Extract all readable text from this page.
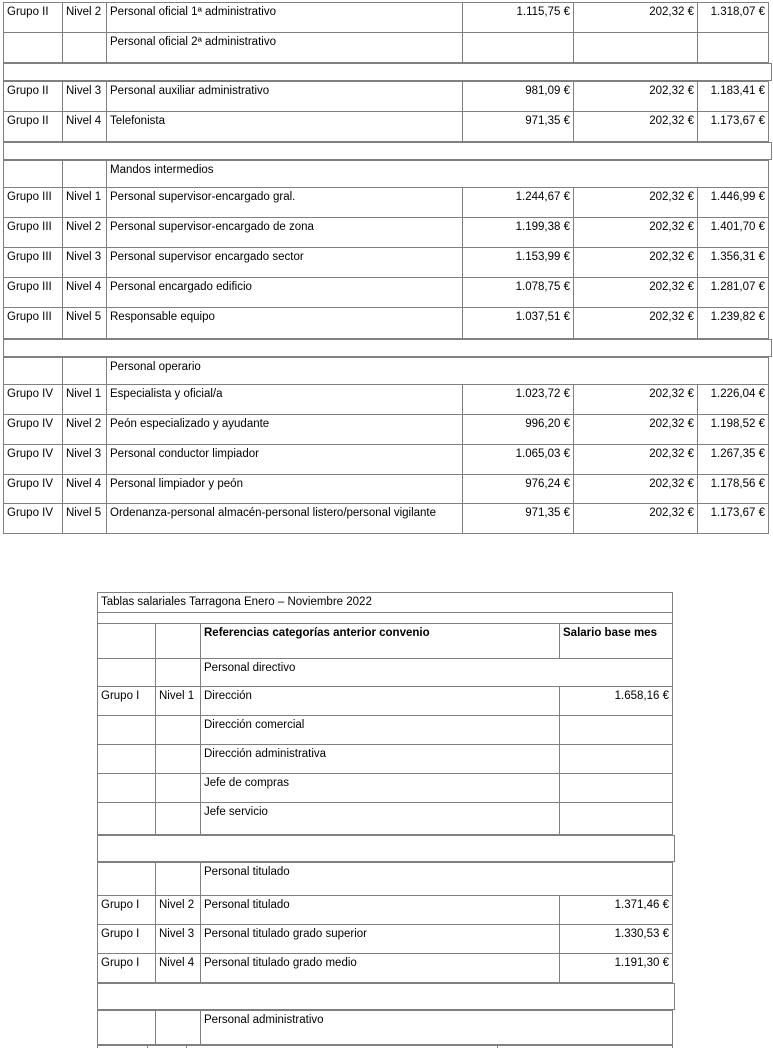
Grupo II	Nivel 2	Personal oficial 1ª administrativo	1.115,75 €	202,32 €	1.318,07 €
		Personal oficial 2ª administrativo			
Grupo II	Nivel 3	Personal auxiliar administrativo	981,09 €	202,32 €	1.183,41 €
Grupo II	Nivel 4	Telefonista	971,35 €	202,32 €	1.173,67 €
		Mandos intermedios			
Grupo III	Nivel 1	Personal supervisor-encargado gral.	1.244,67 €	202,32 €	1.446,99 €
Grupo III	Nivel 2	Personal supervisor-encargado de zona	1.199,38 €	202,32 €	1.401,70 €
Grupo III	Nivel 3	Personal supervisor encargado sector	1.153,99 €	202,32 €	1.356,31 €
Grupo III	Nivel 4	Personal encargado edificio	1.078,75 €	202,32 €	1.281,07 €
Grupo III	Nivel 5	Responsable equipo	1.037,51 €	202,32 €	1.239,82 €
		Personal operario			
Grupo IV	Nivel 1	Especialista y oficial/a	1.023,72 €	202,32 €	1.226,04 €
Grupo IV	Nivel 2	Peón especializado y ayudante	996,20 €	202,32 €	1.198,52 €
Grupo IV	Nivel 3	Personal conductor limpiador	1.065,03 €	202,32 €	1.267,35 €
Grupo IV	Nivel 4	Personal limpiador y peón	976,24 €	202,32 €	1.178,56 €
Grupo IV	Nivel 5	Ordenanza-personal almacén-personal listero/personal vigilante	971,35 €	202,32 €	1.173,67 €
Tablas salariales Tarragona Enero – Noviembre 2022			

		Referencias categorías anterior convenio	Salario base mes
		Personal directivo	
Grupo I	Nivel 1	Dirección	1.658,16 €
		Dirección comercial	
		Dirección administrativa	
		Jefe de compras	
		Jefe servicio	
		Personal titulado	
Grupo I	Nivel 2	Personal titulado	1.371,46 €
Grupo I	Nivel 3	Personal titulado grado superior	1.330,53 €
Grupo I	Nivel 4	Personal titulado grado medio	1.191,30 €
		Personal administrativo
